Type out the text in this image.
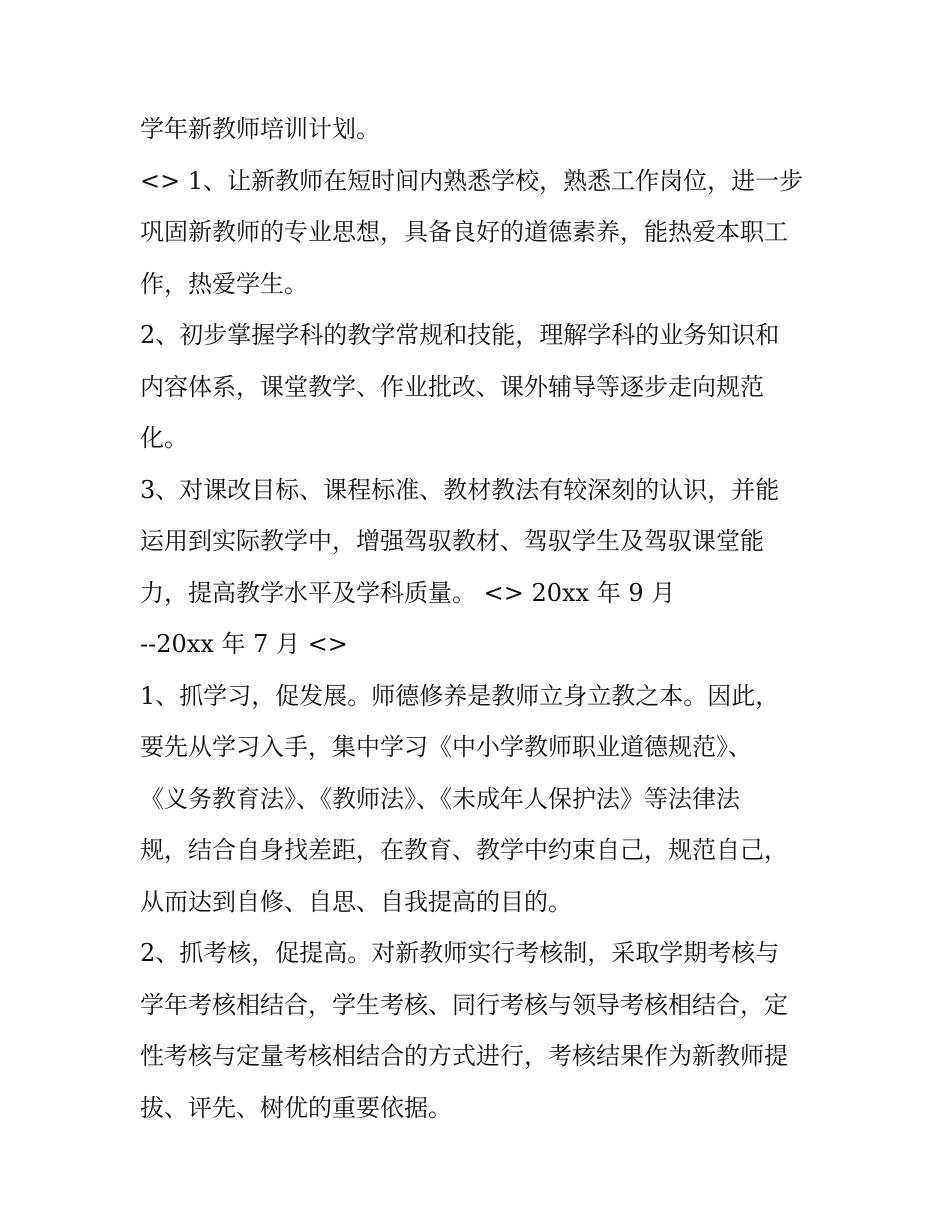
学年新教师培训计划。

<> 1、让新教师在短时间内熟悉学校，熟悉工作岗位，进一步

巩固新教师的专业思想，具备良好的道德素养，能热爱本职工

作，热爱学生。

2、初步掌握学科的教学常规和技能，理解学科的业务知识和

内容体系，课堂教学、作业批改、课外辅导等逐步走向规范

化。

3、对课改目标、课程标准、教材教法有较深刻的认识，并能

运用到实际教学中，增强驾驭教材、驾驭学生及驾驭课堂能

力，提高教学水平及学科质量。 <> 20xx 年 9 月

--20xx 年 7 月 <>

1、抓学习，促发展。师德修养是教师立身立教之本。因此，

要先从学习入手，集中学习《中小学教师职业道德规范》、

《义务教育法》、《教师法》、《未成年人保护法》等法律法

规，结合自身找差距，在教育、教学中约束自己，规范自己，

从而达到自修、自思、自我提高的目的。

2、抓考核，促提高。对新教师实行考核制，采取学期考核与

学年考核相结合，学生考核、同行考核与领导考核相结合，定

性考核与定量考核相结合的方式进行，考核结果作为新教师提

拔、评先、树优的重要依据。
